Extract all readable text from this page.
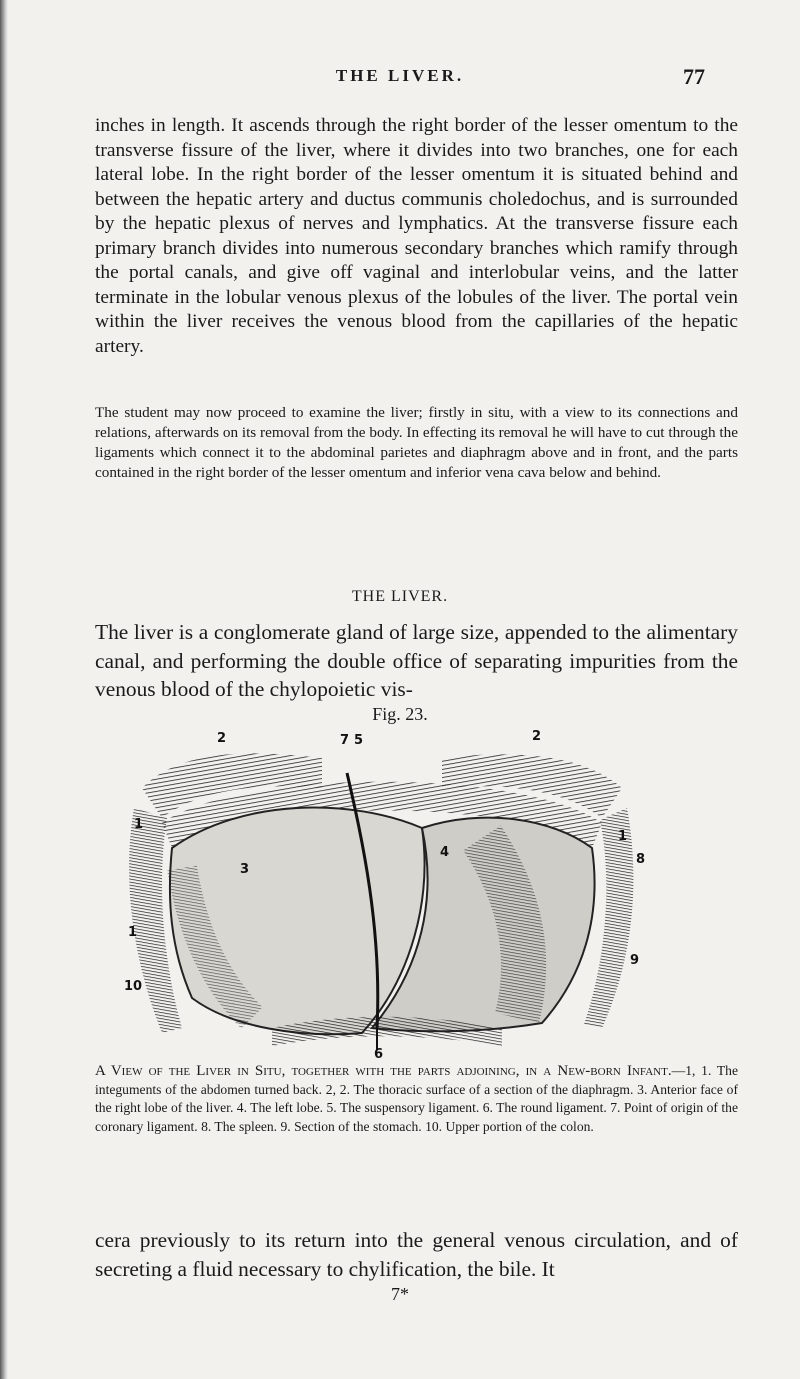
THE LIVER.	77

inches in length. It ascends through the right border of the lesser omentum to the transverse fissure of the liver, where it divides into two branches, one for each lateral lobe. In the right border of the lesser omentum it is situated behind and between the hepatic artery and ductus communis choledochus, and is surrounded by the hepatic plexus of nerves and lymphatics. At the transverse fissure each primary branch divides into numerous secondary branches which ramify through the portal canals, and give off vaginal and interlobular veins, and the latter terminate in the lobular venous plexus of the lobules of the liver. The portal vein within the liver receives the venous blood from the capillaries of the hepatic artery.

The student may now proceed to examine the liver; firstly in situ, with a view to its connections and relations, afterwards on its removal from the body. In effecting its removal he will have to cut through the ligaments which connect it to the abdominal parietes and diaphragm above and in front, and the parts contained in the right border of the lesser omentum and inferior vena cava below and behind.

THE LIVER.

The liver is a conglomerate gland of large size, appended to the alimentary canal, and performing the double office of separating impurities from the venous blood of the chylopoietic vis-

Fig. 23.
2	7 5	2
1
1
8
4
3
1
9
10
6
A View of the Liver in Situ, together with the parts adjoining, in a New-born Infant.—1, 1. The integuments of the abdomen turned back. 2, 2. The thoracic surface of a section of the diaphragm. 3. Anterior face of the right lobe of the liver. 4. The left lobe. 5. The suspensory ligament. 6. The round ligament. 7. Point of origin of the coronary ligament. 8. The spleen. 9. Section of the stomach. 10. Upper portion of the colon.

cera previously to its return into the general venous circulation, and of secreting a fluid necessary to chylification, the bile. It

7*
